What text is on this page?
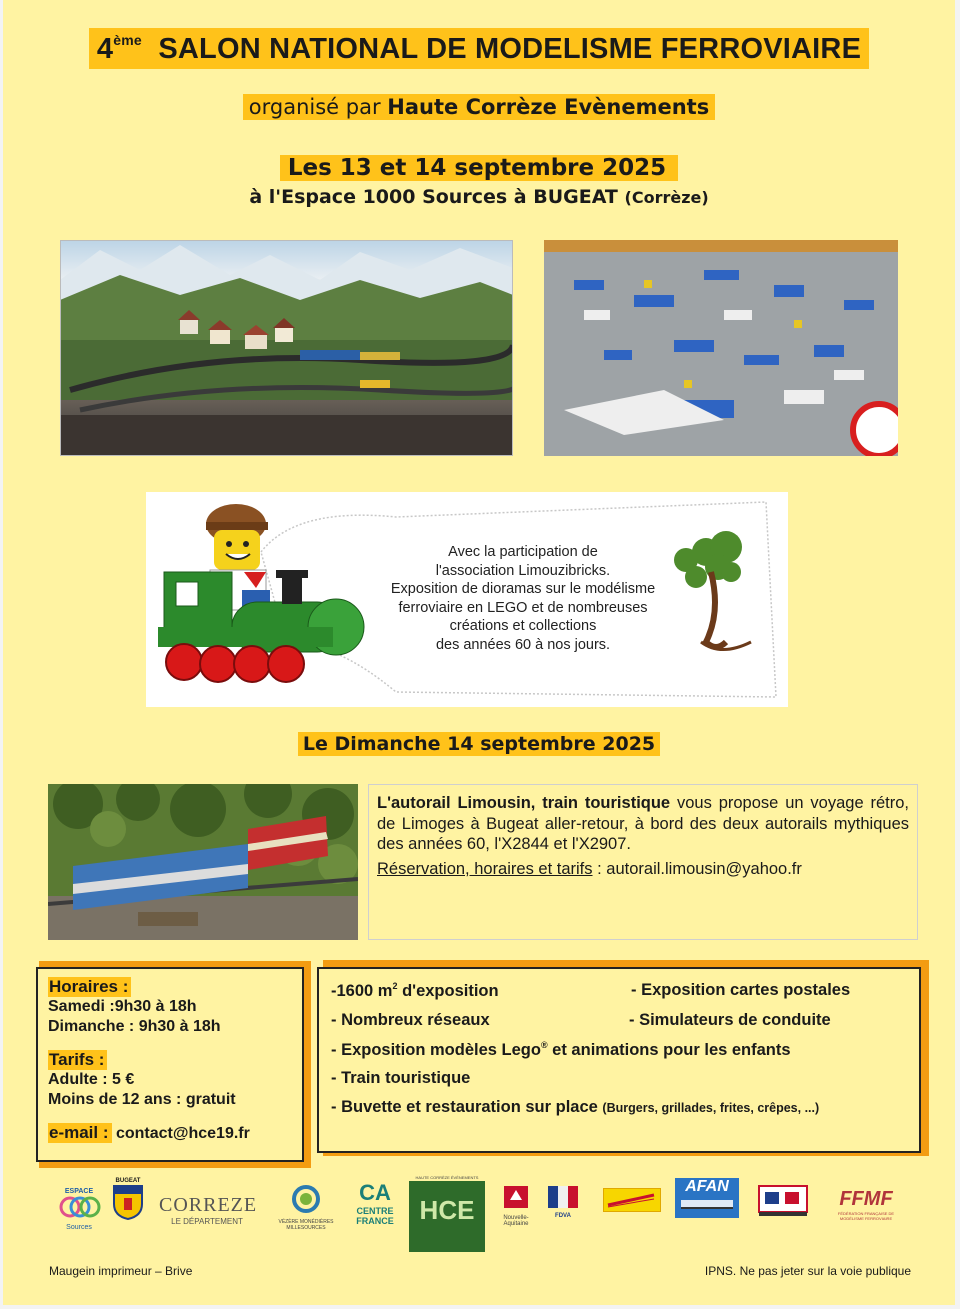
4ème SALON NATIONAL DE MODELISME FERROVIAIRE
organisé par Haute Corrèze Evènements
Les 13 et 14 septembre 2025
à l'Espace 1000 Sources à BUGEAT (Corrèze)
Avec la participation de
l'association Limouzibricks.
Exposition de dioramas sur le modélisme
ferroviaire en LEGO et de nombreuses
créations et collections
des années 60 à nos jours.
Le Dimanche 14 septembre 2025
L'autorail Limousin, train touristique vous propose un voyage rétro, de Limoges à Bugeat aller-retour, à bord des deux autorails mythiques des années 60, l'X2844 et l'X2907.
Réservation, horaires et tarifs : autorail.limousin@yahoo.fr
Horaires :
Samedi :9h30 à 18h
Dimanche : 9h30 à 18h
Tarifs :
Adulte : 5 €
Moins de 12 ans : gratuit
e-mail : contact@hce19.fr
-1600 $m^2$ d'exposition	- Exposition cartes postales
- Nombreux réseaux	- Simulateurs de conduite
- Exposition modèles Lego® et animations pour les enfants
- Train touristique
- Buvette et restauration sur place (Burgers, grillades, frites, crêpes, ...)
ESPACE
Sources
BUGEAT
CORREZE
LE DÉPARTEMENT	VÉZÈRE MONÉDIÈRES MILLESOURCES
CA
CENTRE
FRANCE
HAUTE CORRÈZE ÉVÈNEMENTS
HCE	Nouvelle-
Aquitaine
FDVA
AFAN
FFMF
FÉDÉRATION FRANÇAISE DE MODÉLISME FERROVIAIRE
Maugein imprimeur – Brive	IPNS. Ne pas jeter sur la voie publique
